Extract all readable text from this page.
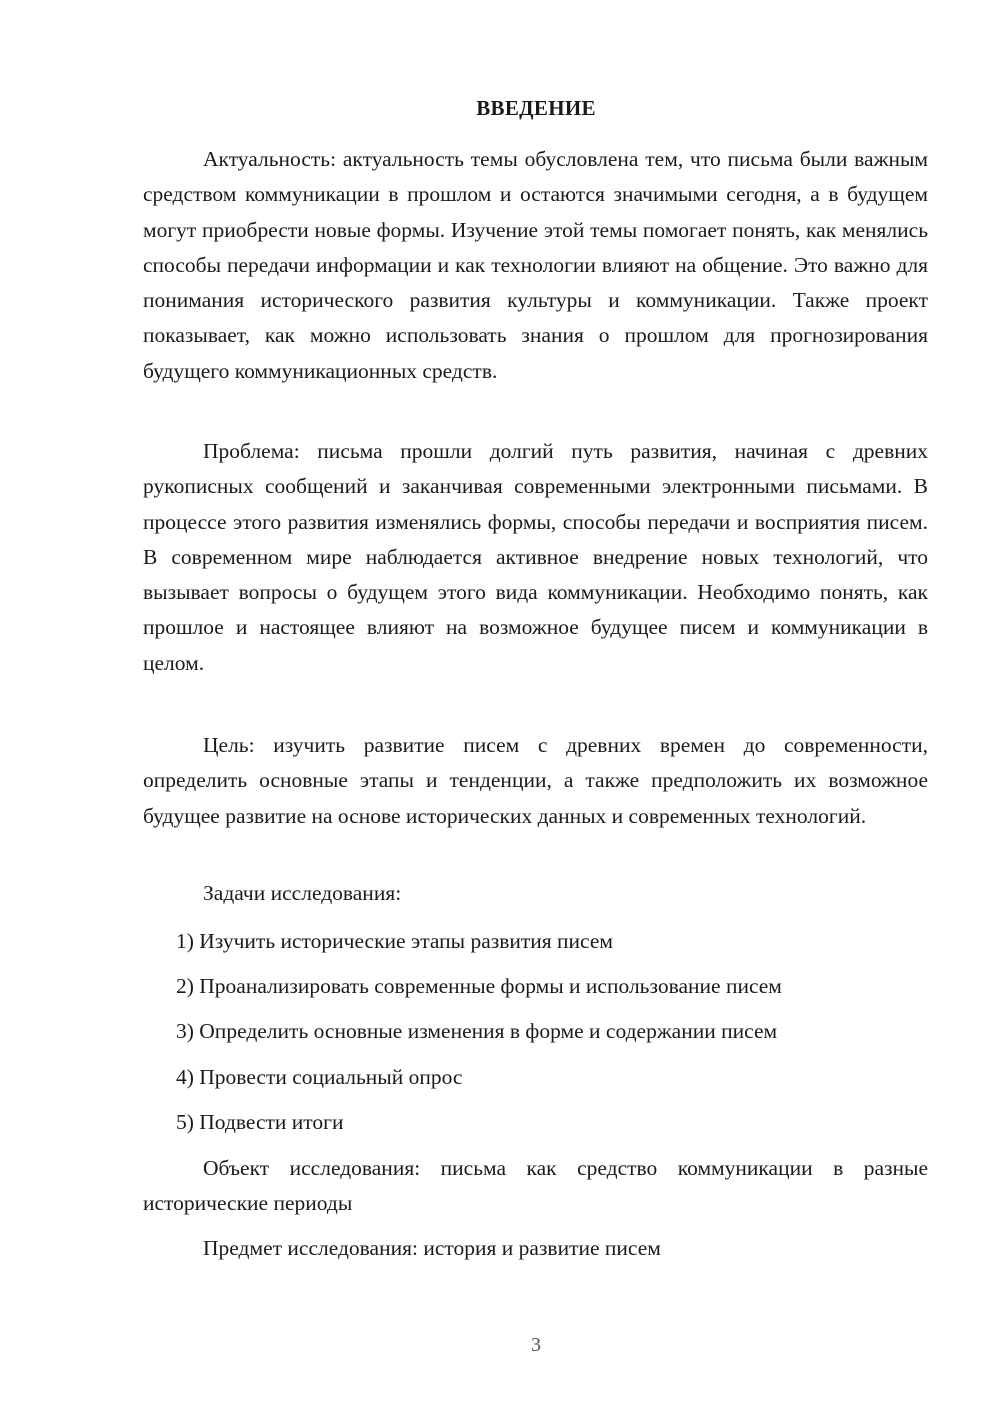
ВВЕДЕНИЕ

Актуальность: актуальность темы обусловлена тем, что письма были важным средством коммуникации в прошлом и остаются значимыми сегодня, а в будущем могут приобрести новые формы. Изучение этой темы помогает понять, как менялись способы передачи информации и как технологии влияют на общение. Это важно для понимания исторического развития культуры и коммуникации. Также проект показывает, как можно использовать знания о прошлом для прогнозирования будущего коммуникационных средств.

Проблема: письма прошли долгий путь развития, начиная с древних рукописных сообщений и заканчивая современными электронными письмами. В процессе этого развития изменялись формы, способы передачи и восприятия писем. В современном мире наблюдается активное внедрение новых технологий, что вызывает вопросы о будущем этого вида коммуникации. Необходимо понять, как прошлое и настоящее влияют на возможное будущее писем и коммуникации в целом.

Цель: изучить развитие писем с древних времен до современности, определить основные этапы и тенденции, а также предположить их возможное будущее развитие на основе исторических данных и современных технологий.

Задачи исследования:

1) Изучить исторические этапы развития писем
2) Проанализировать современные формы и использование писем
3) Определить основные изменения в форме и содержании писем
4) Провести социальный опрос
5) Подвести итоги

Объект исследования: письма как средство коммуникации в разные исторические периоды

Предмет исследования: история и развитие писем

3
